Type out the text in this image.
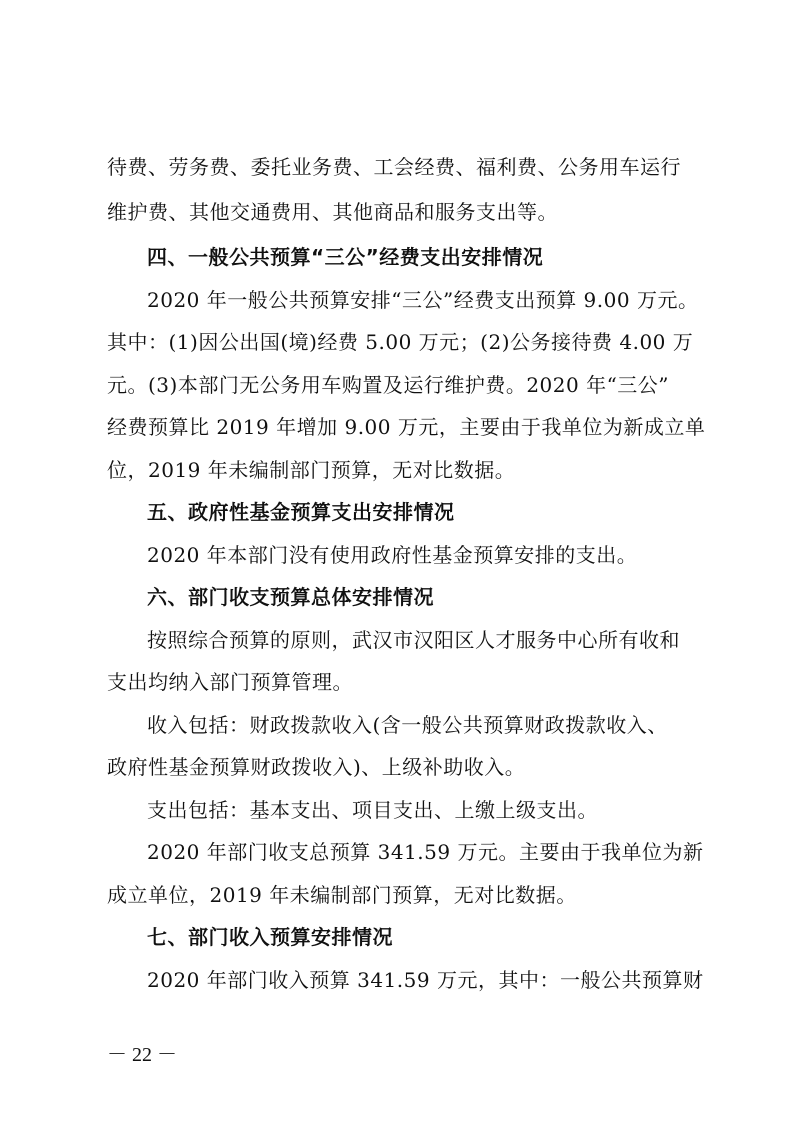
待费、劳务费、委托业务费、工会经费、福利费、公务用车运行
维护费、其他交通费用、其他商品和服务支出等。
四、一般公共预算“三公”经费支出安排情况
2020 年一般公共预算安排“三公”经费支出预算 9.00 万元。
其中：(1)因公出国(境)经费 5.00 万元；(2)公务接待费 4.00 万
元。(3)本部门无公务用车购置及运行维护费。2020 年“三公”
经费预算比 2019 年增加 9.00 万元，主要由于我单位为新成立单
位，2019 年未编制部门预算，无对比数据。
五、政府性基金预算支出安排情况
2020 年本部门没有使用政府性基金预算安排的支出。
六、部门收支预算总体安排情况
按照综合预算的原则，武汉市汉阳区人才服务中心所有收和
支出均纳入部门预算管理。
收入包括：财政拨款收入(含一般公共预算财政拨款收入、
政府性基金预算财政拨收入)、上级补助收入。
支出包括：基本支出、项目支出、上缴上级支出。
2020 年部门收支总预算 341.59 万元。主要由于我单位为新
成立单位，2019 年未编制部门预算，无对比数据。
七、部门收入预算安排情况
2020 年部门收入预算 341.59 万元，其中：一般公共预算财
－ 22 －
